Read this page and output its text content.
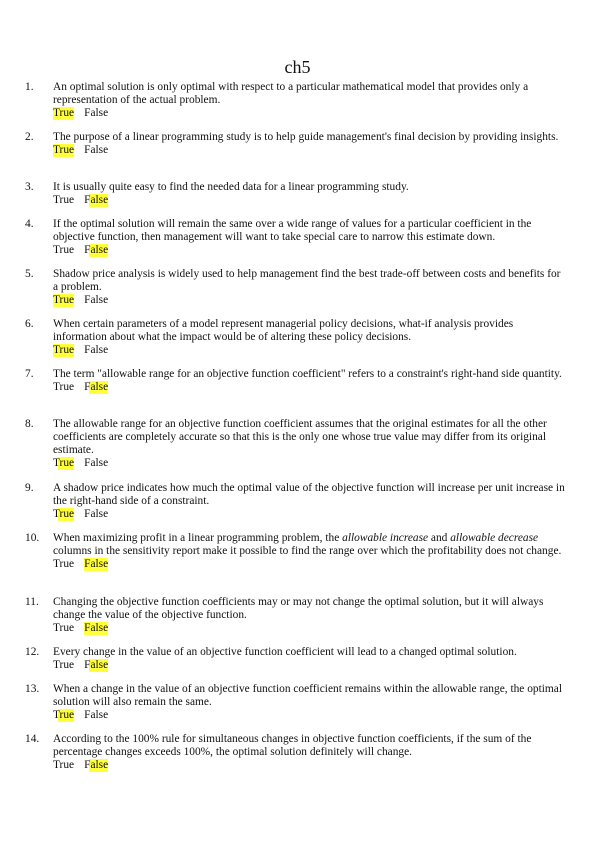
ch5
1.	An optimal solution is only optimal with respect to a particular mathematical model that provides only a representation of the actual problem.
True False
2.	The purpose of a linear programming study is to help guide management's final decision by providing insights.
True False
3.	It is usually quite easy to find the needed data for a linear programming study.
True False
4.	If the optimal solution will remain the same over a wide range of values for a particular coefficient in the objective function, then management will want to take special care to narrow this estimate down.
True False
5.	Shadow price analysis is widely used to help management find the best trade-off between costs and benefits for a problem.
True False
6.	When certain parameters of a model represent managerial policy decisions, what-if analysis provides information about what the impact would be of altering these policy decisions.
True False
7.	The term "allowable range for an objective function coefficient" refers to a constraint's right-hand side quantity.
True False
8.	The allowable range for an objective function coefficient assumes that the original estimates for all the other coefficients are completely accurate so that this is the only one whose true value may differ from its original estimate.
True False
9.	A shadow price indicates how much the optimal value of the objective function will increase per unit increase in the right-hand side of a constraint.
True False
10.	When maximizing profit in a linear programming problem, the allowable increase and allowable decrease columns in the sensitivity report make it possible to find the range over which the profitability does not change.
True False
11.	Changing the objective function coefficients may or may not change the optimal solution, but it will always change the value of the objective function.
True False
12.	Every change in the value of an objective function coefficient will lead to a changed optimal solution.
True False
13.	When a change in the value of an objective function coefficient remains within the allowable range, the optimal solution will also remain the same.
True False
14.	According to the 100% rule for simultaneous changes in objective function coefficients, if the sum of the percentage changes exceeds 100%, the optimal solution definitely will change.
True False
